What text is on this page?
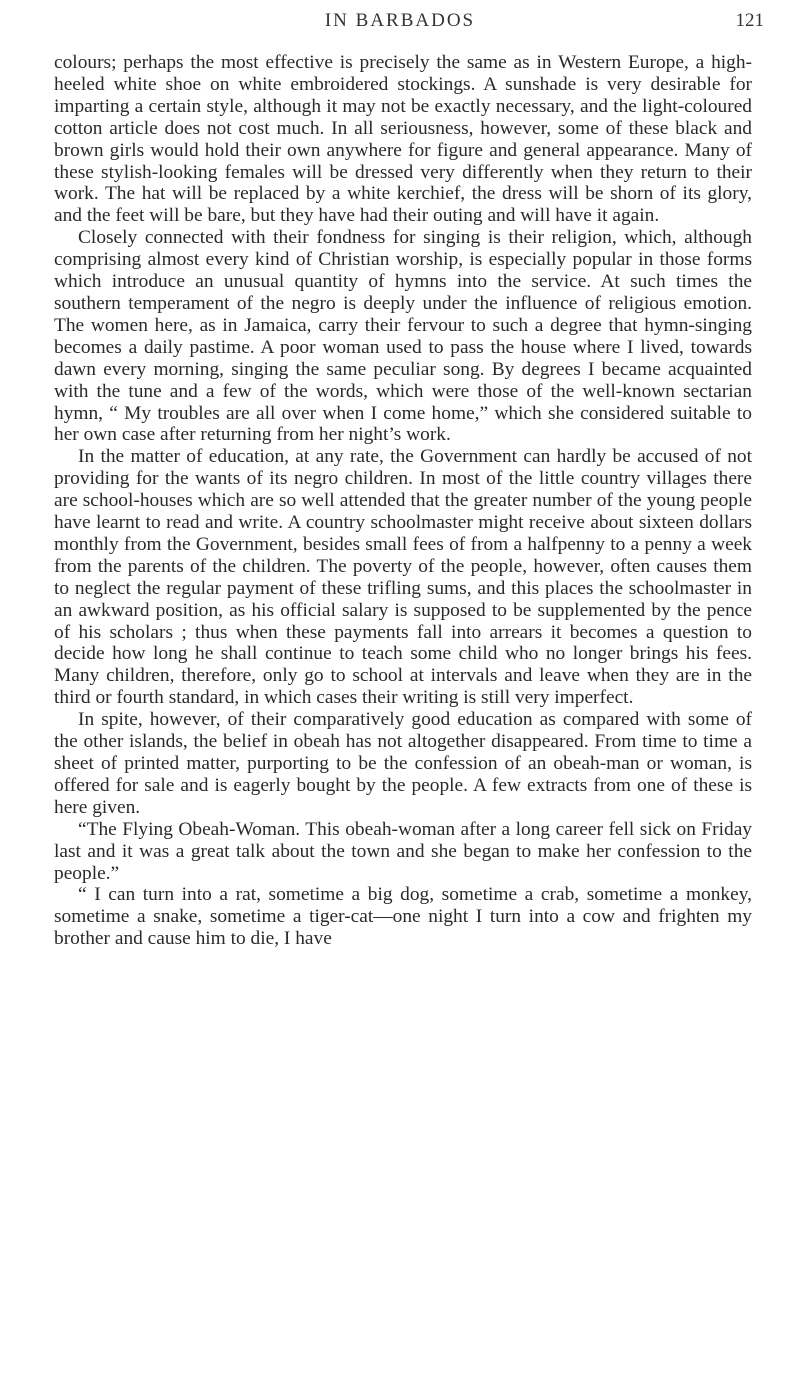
IN BARBADOS	121

colours; perhaps the most effective is precisely the same as in Western Europe, a high-heeled white shoe on white embroidered stockings. A sunshade is very desirable for imparting a certain style, although it may not be exactly necessary, and the light-coloured cotton article does not cost much. In all seriousness, however, some of these black and brown girls would hold their own anywhere for figure and general appearance. Many of these stylish-looking females will be dressed very differently when they return to their work. The hat will be replaced by a white kerchief, the dress will be shorn of its glory, and the feet will be bare, but they have had their outing and will have it again.

Closely connected with their fondness for singing is their religion, which, although comprising almost every kind of Christian worship, is especially popular in those forms which introduce an unusual quantity of hymns into the service. At such times the southern temperament of the negro is deeply under the influence of religious emotion. The women here, as in Jamaica, carry their fervour to such a degree that hymn-singing becomes a daily pastime. A poor woman used to pass the house where I lived, towards dawn every morning, singing the same peculiar song. By degrees I became acquainted with the tune and a few of the words, which were those of the well-known sectarian hymn, “ My troubles are all over when I come home,” which she considered suitable to her own case after returning from her night’s work.

In the matter of education, at any rate, the Government can hardly be accused of not providing for the wants of its negro children. In most of the little country villages there are school-houses which are so well attended that the greater number of the young people have learnt to read and write. A country schoolmaster might receive about sixteen dollars monthly from the Government, besides small fees of from a halfpenny to a penny a week from the parents of the children. The poverty of the people, however, often causes them to neglect the regular payment of these trifling sums, and this places the schoolmaster in an awkward position, as his official salary is supposed to be supplemented by the pence of his scholars ; thus when these payments fall into arrears it becomes a question to decide how long he shall continue to teach some child who no longer brings his fees. Many children, therefore, only go to school at intervals and leave when they are in the third or fourth standard, in which cases their writing is still very imperfect.

In spite, however, of their comparatively good education as compared with some of the other islands, the belief in obeah has not altogether disappeared. From time to time a sheet of printed matter, purporting to be the confession of an obeah-man or woman, is offered for sale and is eagerly bought by the people. A few extracts from one of these is here given.

“The Flying Obeah-Woman. This obeah-woman after a long career fell sick on Friday last and it was a great talk about the town and she began to make her confession to the people.”

“ I can turn into a rat, sometime a big dog, sometime a crab, sometime a monkey, sometime a snake, sometime a tiger-cat—one night I turn into a cow and frighten my brother and cause him to die, I have
